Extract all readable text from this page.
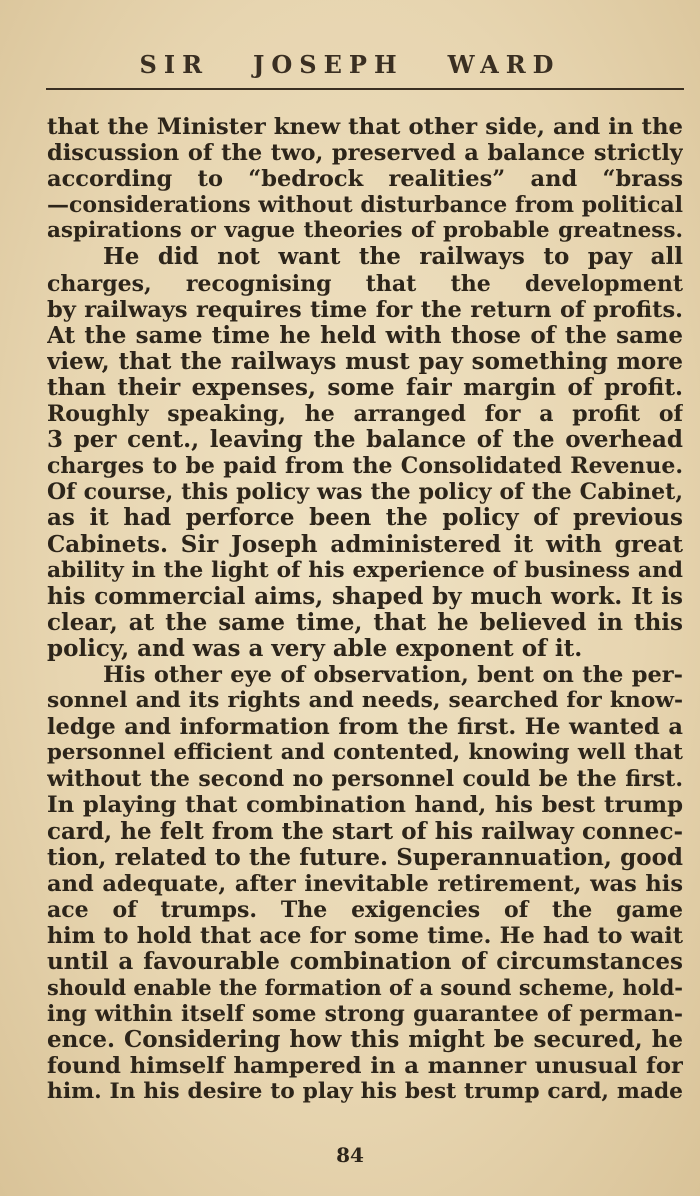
SIR JOSEPH WARD
that the Minister knew that other side, and in the
discussion of the two, preserved a balance strictly
according to “bedrock realities” and “brass
—considerations without disturbance from political
aspirations or vague theories of probable greatness.
He did not want the railways to pay all
charges, recognising that the development
by railways requires time for the return of profits.
At the same time he held with those of the same
view, that the railways must pay something more
than their expenses, some fair margin of profit.
Roughly speaking, he arranged for a profit of
3 per cent., leaving the balance of the overhead
charges to be paid from the Consolidated Revenue.
Of course, this policy was the policy of the Cabinet,
as it had perforce been the policy of previous
Cabinets. Sir Joseph administered it with great
ability in the light of his experience of business and
his commercial aims, shaped by much work. It is
clear, at the same time, that he believed in this
policy, and was a very able exponent of it.
His other eye of observation, bent on the per-
sonnel and its rights and needs, searched for know-
ledge and information from the first. He wanted a
personnel efficient and contented, knowing well that
without the second no personnel could be the first.
In playing that combination hand, his best trump
card, he felt from the start of his railway connec-
tion, related to the future. Superannuation, good
and adequate, after inevitable retirement, was his
ace of trumps. The exigencies of the game
him to hold that ace for some time. He had to wait
until a favourable combination of circumstances
should enable the formation of a sound scheme, hold-
ing within itself some strong guarantee of perman-
ence. Considering how this might be secured, he
found himself hampered in a manner unusual for
him. In his desire to play his best trump card, made
84
